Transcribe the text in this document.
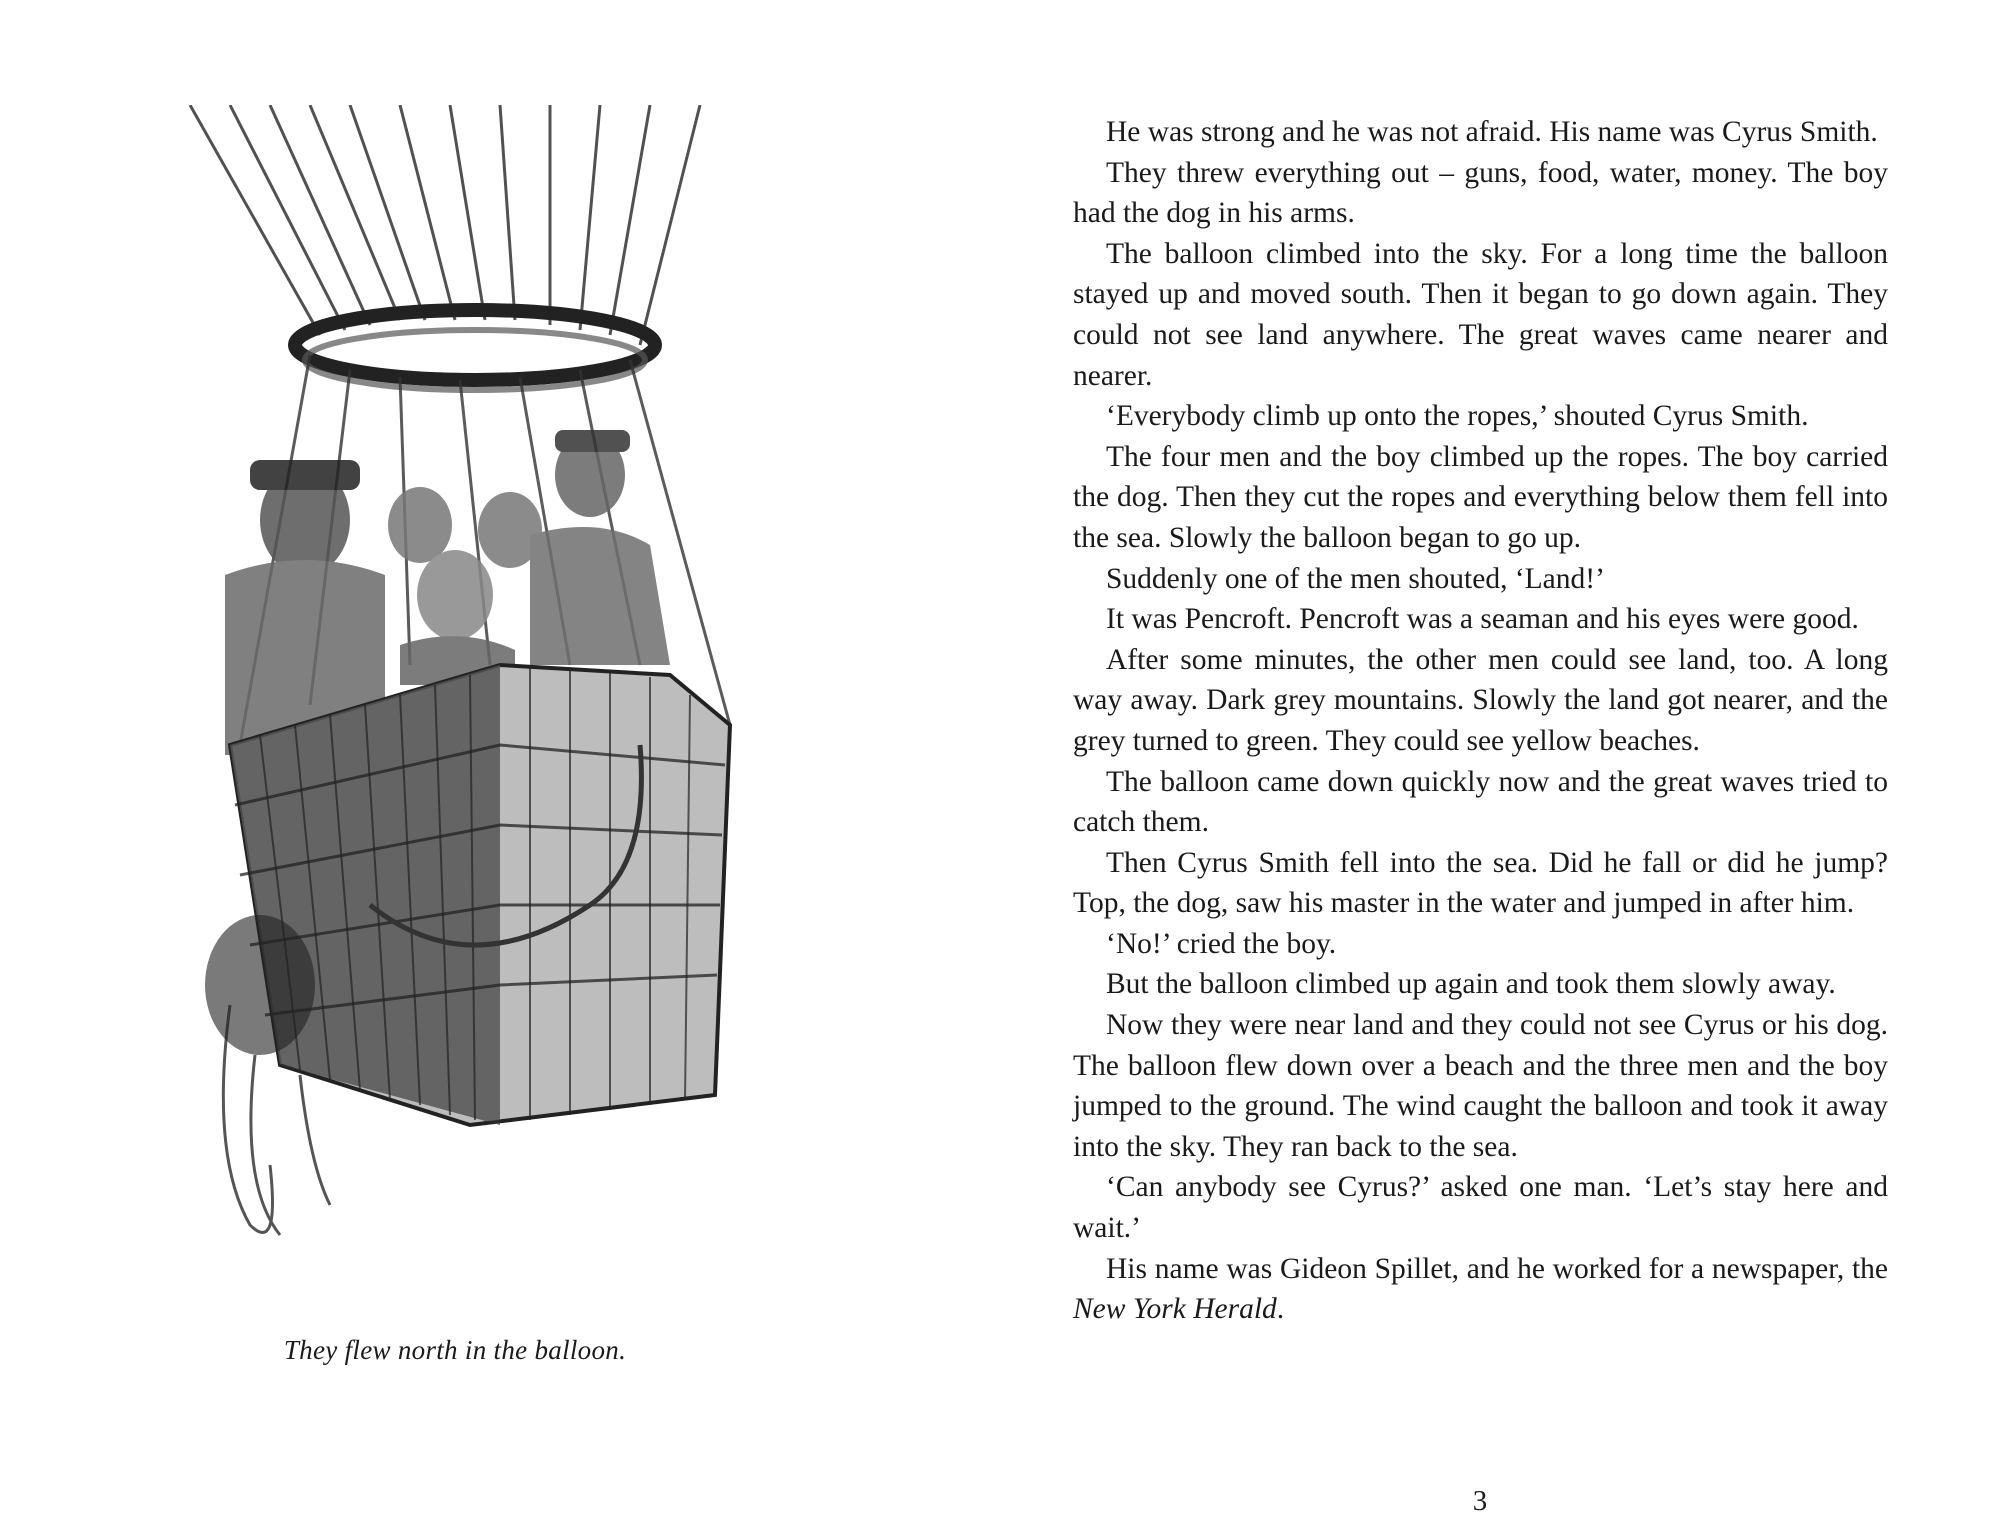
They flew north in the balloon.

He was strong and he was not afraid. His name was Cyrus Smith.

They threw everything out – guns, food, water, money. The boy had the dog in his arms.

The balloon climbed into the sky. For a long time the balloon stayed up and moved south. Then it began to go down again. They could not see land anywhere. The great waves came nearer and nearer.

‘Everybody climb up onto the ropes,’ shouted Cyrus Smith.

The four men and the boy climbed up the ropes. The boy carried the dog. Then they cut the ropes and everything below them fell into the sea. Slowly the balloon began to go up.

Suddenly one of the men shouted, ‘Land!’

It was Pencroft. Pencroft was a seaman and his eyes were good.

After some minutes, the other men could see land, too. A long way away. Dark grey mountains. Slowly the land got nearer, and the grey turned to green. They could see yellow beaches.

The balloon came down quickly now and the great waves tried to catch them.

Then Cyrus Smith fell into the sea. Did he fall or did he jump? Top, the dog, saw his master in the water and jumped in after him.

‘No!’ cried the boy.

But the balloon climbed up again and took them slowly away.

Now they were near land and they could not see Cyrus or his dog. The balloon flew down over a beach and the three men and the boy jumped to the ground. The wind caught the balloon and took it away into the sky. They ran back to the sea.

‘Can anybody see Cyrus?’ asked one man. ‘Let’s stay here and wait.’

His name was Gideon Spillet, and he worked for a newspaper, the New York Herald.

3
